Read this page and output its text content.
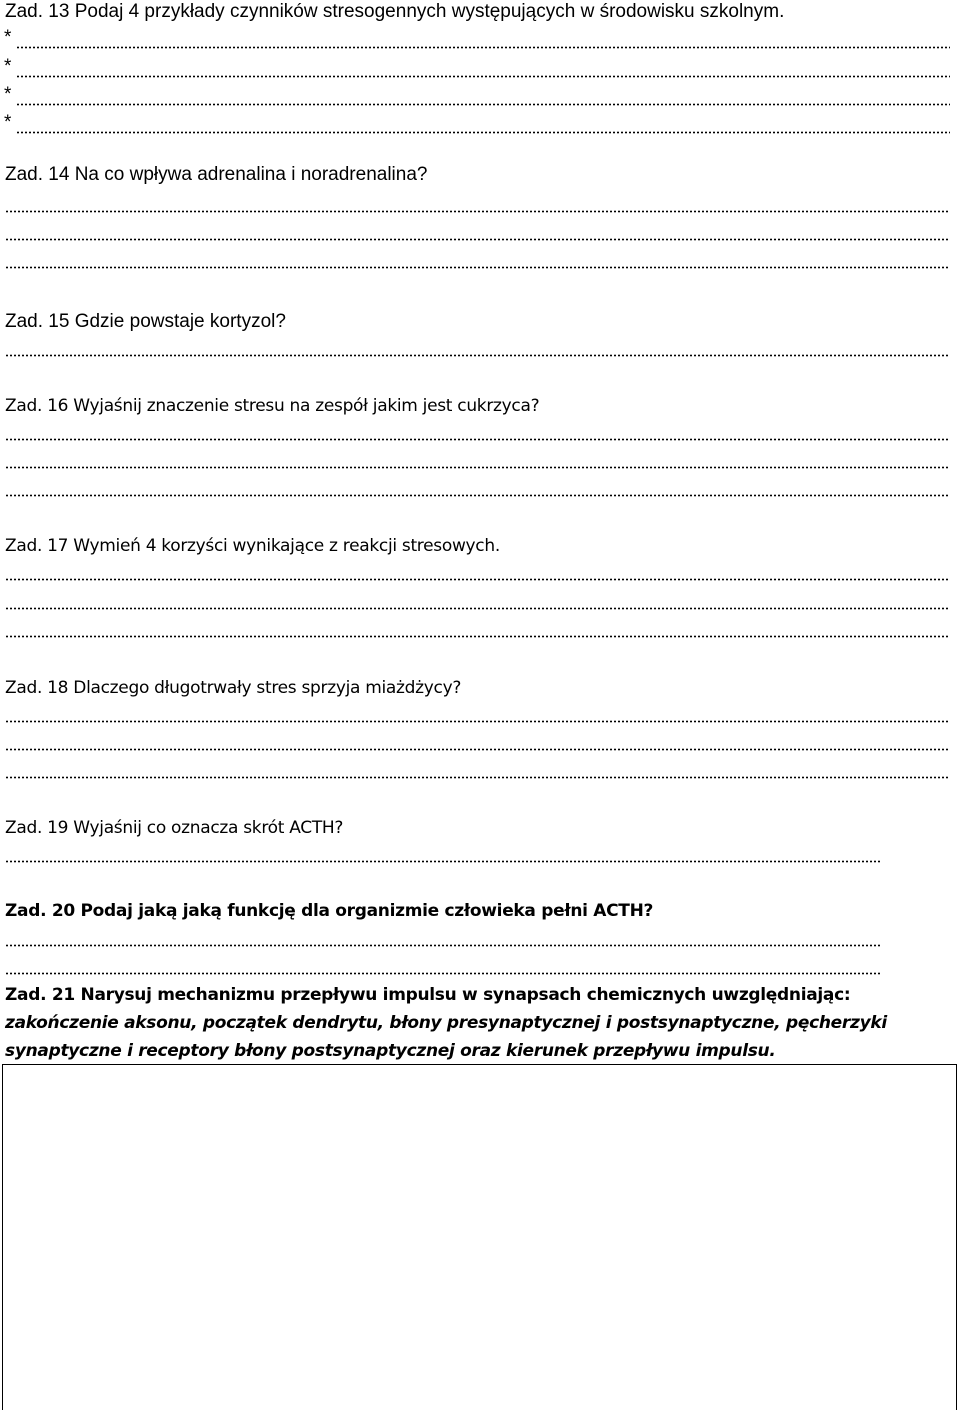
Zad. 13 Podaj 4 przykłady czynników stresogennych występujących w środowisku szkolnym.
*
*
*
*
Zad. 14 Na co wpływa adrenalina i noradrenalina?
Zad. 15 Gdzie powstaje kortyzol?
Zad. 16 Wyjaśnij znaczenie stresu na zespół jakim jest cukrzyca?
Zad. 17 Wymień 4 korzyści wynikające z reakcji stresowych.
Zad. 18 Dlaczego długotrwały stres sprzyja miażdżycy?
Zad. 19 Wyjaśnij co oznacza skrót ACTH?
Zad. 20 Podaj jaką jaką funkcję dla organizmie człowieka pełni ACTH?
Zad. 21 Narysuj mechanizmu przepływu impulsu w synapsach chemicznych uwzględniając:
zakończenie aksonu, początek dendrytu, błony presynaptycznej i postsynaptyczne, pęcherzyki
synaptyczne i receptory błony postsynaptycznej oraz kierunek przepływu impulsu.
